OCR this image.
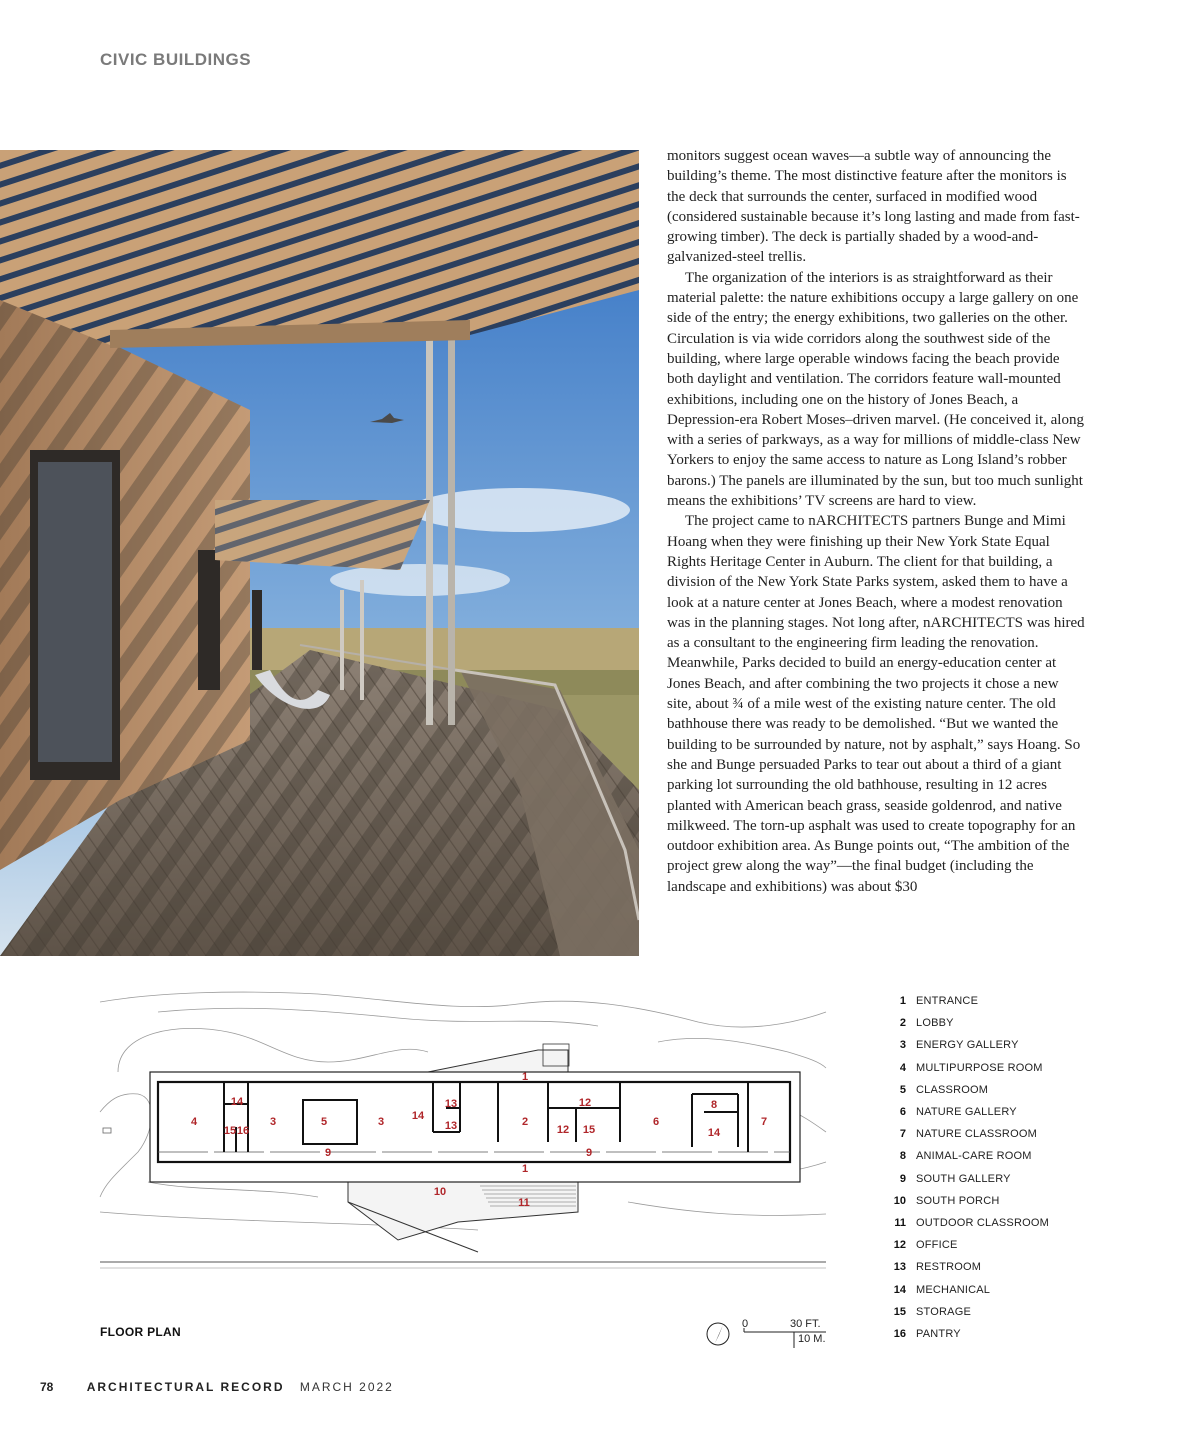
CIVIC BUILDINGS

monitors suggest ocean waves—a subtle way of announcing the building’s theme. The most distinctive feature after the monitors is the deck that surrounds the center, surfaced in modified wood (considered sustainable because it’s long lasting and made from fast-growing timber). The deck is partially shaded by a wood-and-galvanized-steel trellis.

The organization of the interiors is as straightforward as their material palette: the nature exhibitions occupy a large gallery on one side of the entry; the energy exhibitions, two galleries on the other. Circulation is via wide corridors along the southwest side of the building, where large operable windows facing the beach provide both daylight and ventilation. The corridors feature wall-mounted exhibitions, including one on the history of Jones Beach, a Depression-era Robert Moses–driven marvel. (He conceived it, along with a series of parkways, as a way for millions of middle-class New Yorkers to enjoy the same access to nature as Long Island’s robber barons.) The panels are illuminated by the sun, but too much sunlight means the exhibitions’ TV screens are hard to view.

The project came to nARCHITECTS partners Bunge and Mimi Hoang when they were finishing up their New York State Equal Rights Heritage Center in Auburn. The client for that building, a division of the New York State Parks system, asked them to have a look at a nature center at Jones Beach, where a modest renovation was in the planning stages. Not long after, nARCHITECTS was hired as a consultant to the engineering firm leading the renovation. Meanwhile, Parks decided to build an energy-education center at Jones Beach, and after combining the two projects it chose a new site, about ¾ of a mile west of the existing nature center. The old bathhouse there was ready to be demolished. “But we wanted the building to be surrounded by nature, not by asphalt,” says Hoang. So she and Bunge persuaded Parks to tear out about a third of a giant parking lot surrounding the old bathhouse, resulting in 12 acres planted with American beach grass, seaside goldenrod, and native milkweed. The torn-up asphalt was used to create topography for an outdoor exhibition area. As Bunge points out, “The ambition of the project grew along the way”—the final budget (including the landscape and exhibitions) was about $30

1
1
2
3	3
4	5	6	7
8
9	9
10
11
12
12
13
13
14
14
14
15	15
16
FLOOR PLAN
0	30 FT.
10 M.
1 ENTRANCE
2 LOBBY
3 ENERGY GALLERY
4 MULTIPURPOSE ROOM
5 CLASSROOM
6 NATURE GALLERY
7 NATURE CLASSROOM
8 ANIMAL-CARE ROOM
9 SOUTH GALLERY
10 SOUTH PORCH
11 OUTDOOR CLASSROOM
12 OFFICE
13 RESTROOM
14 MECHANICAL
15 STORAGE
16 PANTRY
78	ARCHITECTURAL RECORD MARCH 2022
